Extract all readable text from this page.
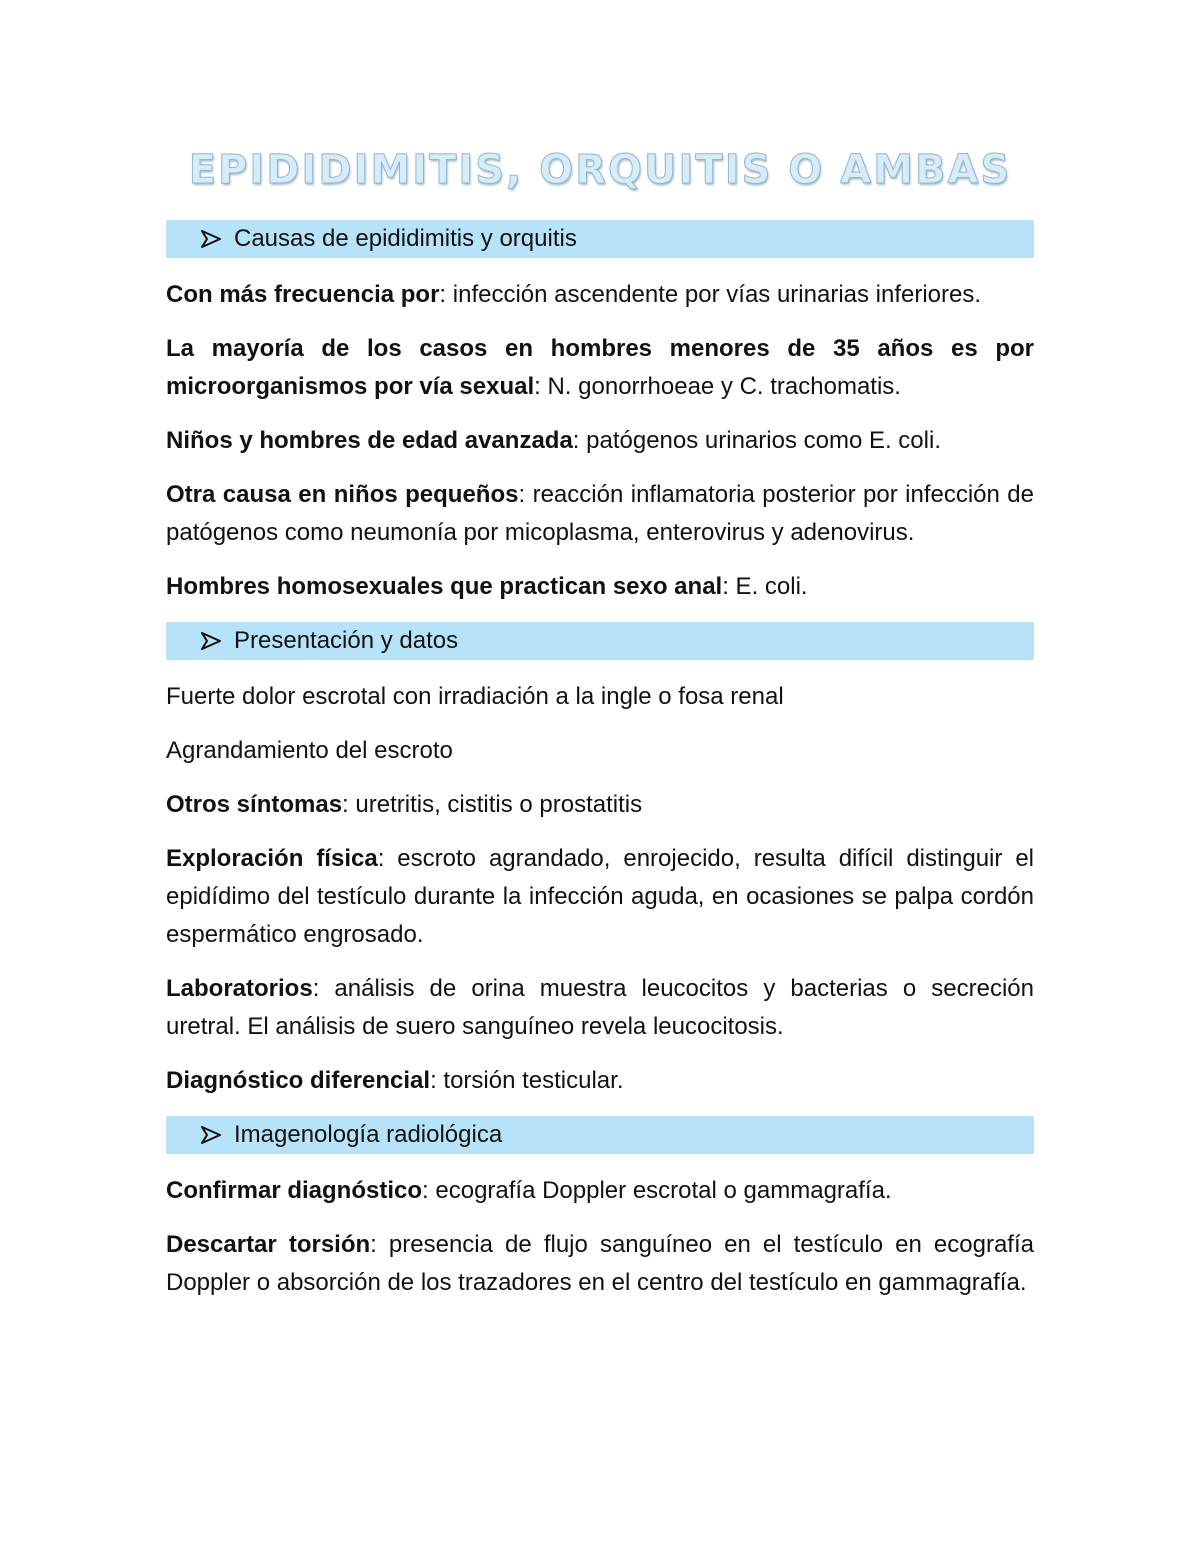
EPIDIDIMITIS, ORQUITIS O AMBAS
Causas de epididimitis y orquitis

Con más frecuencia por: infección ascendente por vías urinarias inferiores.

La mayoría de los casos en hombres menores de 35 años es por microorganismos por vía sexual: N. gonorrhoeae y C. trachomatis.

Niños y hombres de edad avanzada: patógenos urinarios como E. coli.

Otra causa en niños pequeños: reacción inflamatoria posterior por infección de patógenos como neumonía por micoplasma, enterovirus y adenovirus.

Hombres homosexuales que practican sexo anal: E. coli.

Presentación y datos

Fuerte dolor escrotal con irradiación a la ingle o fosa renal

Agrandamiento del escroto

Otros síntomas: uretritis, cistitis o prostatitis

Exploración física: escroto agrandado, enrojecido, resulta difícil distinguir el epidídimo del testículo durante la infección aguda, en ocasiones se palpa cordón espermático engrosado.

Laboratorios: análisis de orina muestra leucocitos y bacterias o secreción uretral. El análisis de suero sanguíneo revela leucocitosis.

Diagnóstico diferencial: torsión testicular.

Imagenología radiológica

Confirmar diagnóstico: ecografía Doppler escrotal o gammagrafía.

Descartar torsión: presencia de flujo sanguíneo en el testículo en ecografía Doppler o absorción de los trazadores en el centro del testículo en gammagrafía.
